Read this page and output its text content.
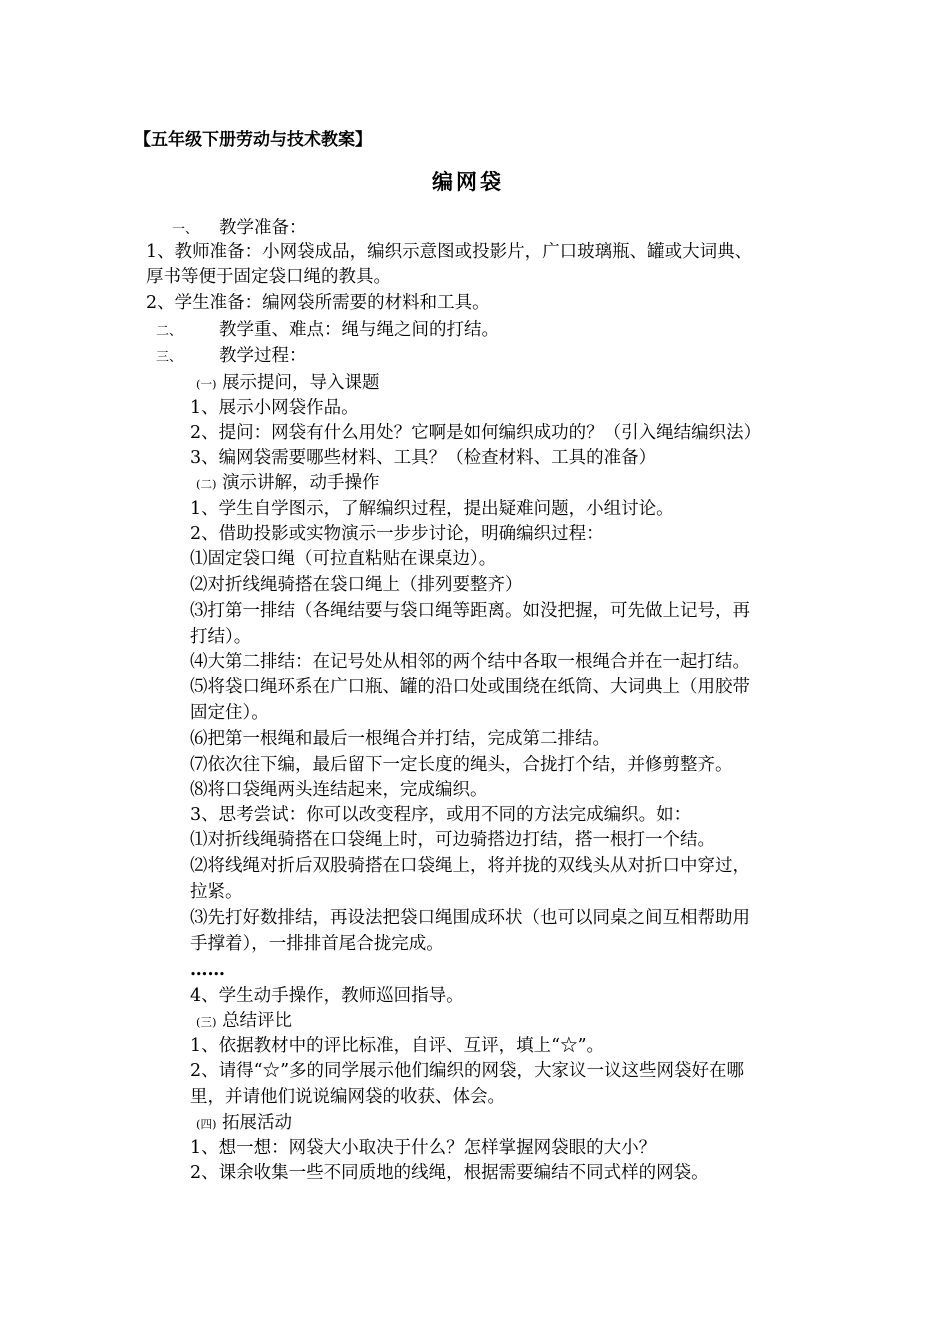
【五年级下册劳动与技术教案】
编网袋
一、 教学准备：
1、教师准备：小网袋成品，编织示意图或投影片，广口玻璃瓶、罐或大词典、
厚书等便于固定袋口绳的教具。
2、学生准备：编网袋所需要的材料和工具。
二、 教学重、难点：绳与绳之间的打结。
三、 教学过程：
(一) 展示提问，导入课题
1、展示小网袋作品。
2、提问：网袋有什么用处？它啊是如何编织成功的？（引入绳结编织法）
3、编网袋需要哪些材料、工具？（检查材料、工具的准备）
(二) 演示讲解，动手操作
1、学生自学图示，了解编织过程，提出疑难问题，小组讨论。
2、借助投影或实物演示一步步讨论，明确编织过程：
⑴固定袋口绳（可拉直粘贴在课桌边）。
⑵对折线绳骑搭在袋口绳上（排列要整齐）
⑶打第一排结（各绳结要与袋口绳等距离。如没把握，可先做上记号，再
打结）。
⑷大第二排结：在记号处从相邻的两个结中各取一根绳合并在一起打结。
⑸将袋口绳环系在广口瓶、罐的沿口处或围绕在纸筒、大词典上（用胶带
固定住）。
⑹把第一根绳和最后一根绳合并打结，完成第二排结。
⑺依次往下编，最后留下一定长度的绳头，合拢打个结，并修剪整齐。
⑻将口袋绳两头连结起来，完成编织。
3、思考尝试：你可以改变程序，或用不同的方法完成编织。如：
⑴对折线绳骑搭在口袋绳上时，可边骑搭边打结，搭一根打一个结。
⑵将线绳对折后双股骑搭在口袋绳上，将并拢的双线头从对折口中穿过，
拉紧。
⑶先打好数排结，再设法把袋口绳围成环状（也可以同桌之间互相帮助用
手撑着），一排排首尾合拢完成。
……
4、学生动手操作，教师巡回指导。
(三) 总结评比
1、依据教材中的评比标准，自评、互评，填上“☆”。
2、请得“☆”多的同学展示他们编织的网袋，大家议一议这些网袋好在哪
里，并请他们说说编网袋的收获、体会。
(四) 拓展活动
1、想一想：网袋大小取决于什么？怎样掌握网袋眼的大小？
2、课余收集一些不同质地的线绳，根据需要编结不同式样的网袋。
